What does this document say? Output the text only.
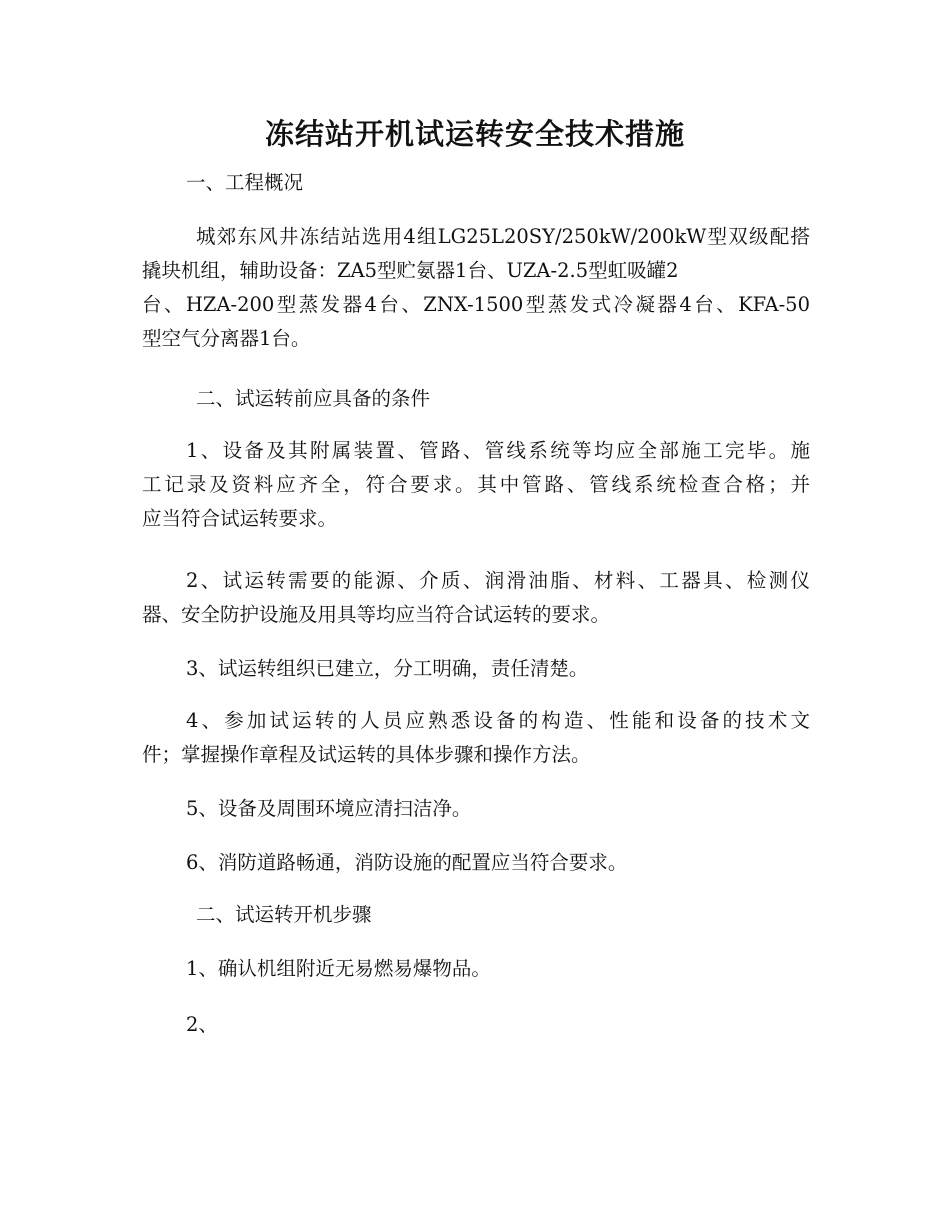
冻结站开机试运转安全技术措施
一、工程概况
城郊东风井冻结站选用4组LG25L20SY/250kW/200kW型双级配搭
撬块机组，辅助设备：ZA5型贮氨器1台、UZA-2.5型虹吸罐2
台、HZA-200型蒸发器4台、ZNX-1500型蒸发式冷凝器4台、KFA-50
型空气分离器1台。
二、试运转前应具备的条件
1、设备及其附属装置、管路、管线系统等均应全部施工完毕。施
工记录及资料应齐全，符合要求。其中管路、管线系统检查合格；并
应当符合试运转要求。
2、试运转需要的能源、介质、润滑油脂、材料、工器具、检测仪
器、安全防护设施及用具等均应当符合试运转的要求。
3、试运转组织已建立，分工明确，责任清楚。
4、参加试运转的人员应熟悉设备的构造、性能和设备的技术文
件；掌握操作章程及试运转的具体步骤和操作方法。
5、设备及周围环境应清扫洁净。
6、消防道路畅通，消防设施的配置应当符合要求。
二、试运转开机步骤
1、确认机组附近无易燃易爆物品。
2、
